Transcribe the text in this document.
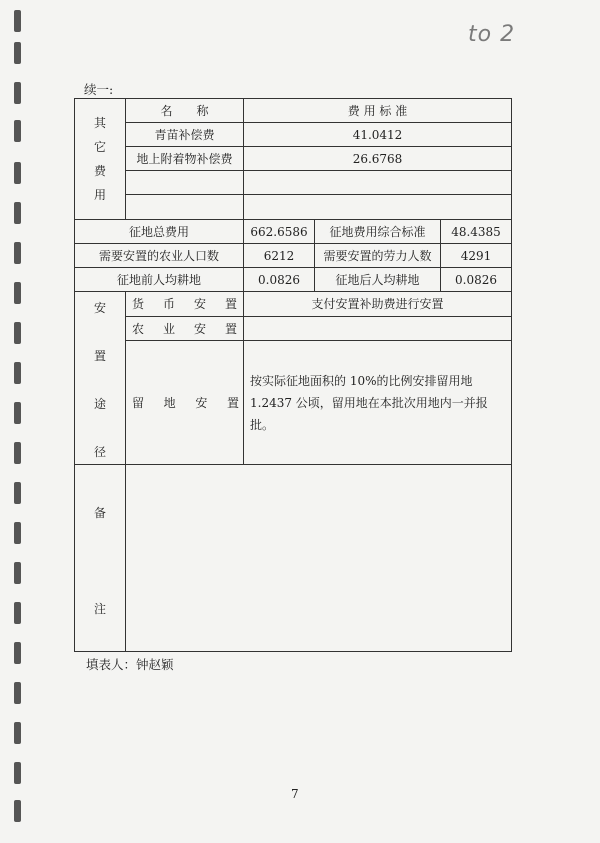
to 2
续一:
其
它
费
用	名　　称	费 用 标 准		
	青苗补偿费	41.0412		
	地上附着物补偿费	26.6768		

征地总费用		662.6586	征地费用综合标准	48.4385
需要安置的农业人口数		6212	需要安置的劳力人数	4291
征地前人均耕地		0.0826	征地后人均耕地	0.0826

安
置
途
径	货 币 安 置	支付安置补助费进行安置		
	农 业 安 置			
	留 地 安 置	按实际征地面积的 10%的比例安排留用地 1.2437 公顷，留用地在本批次用地内一并报批。		

备
注				

填表人：钟赵颖
7
